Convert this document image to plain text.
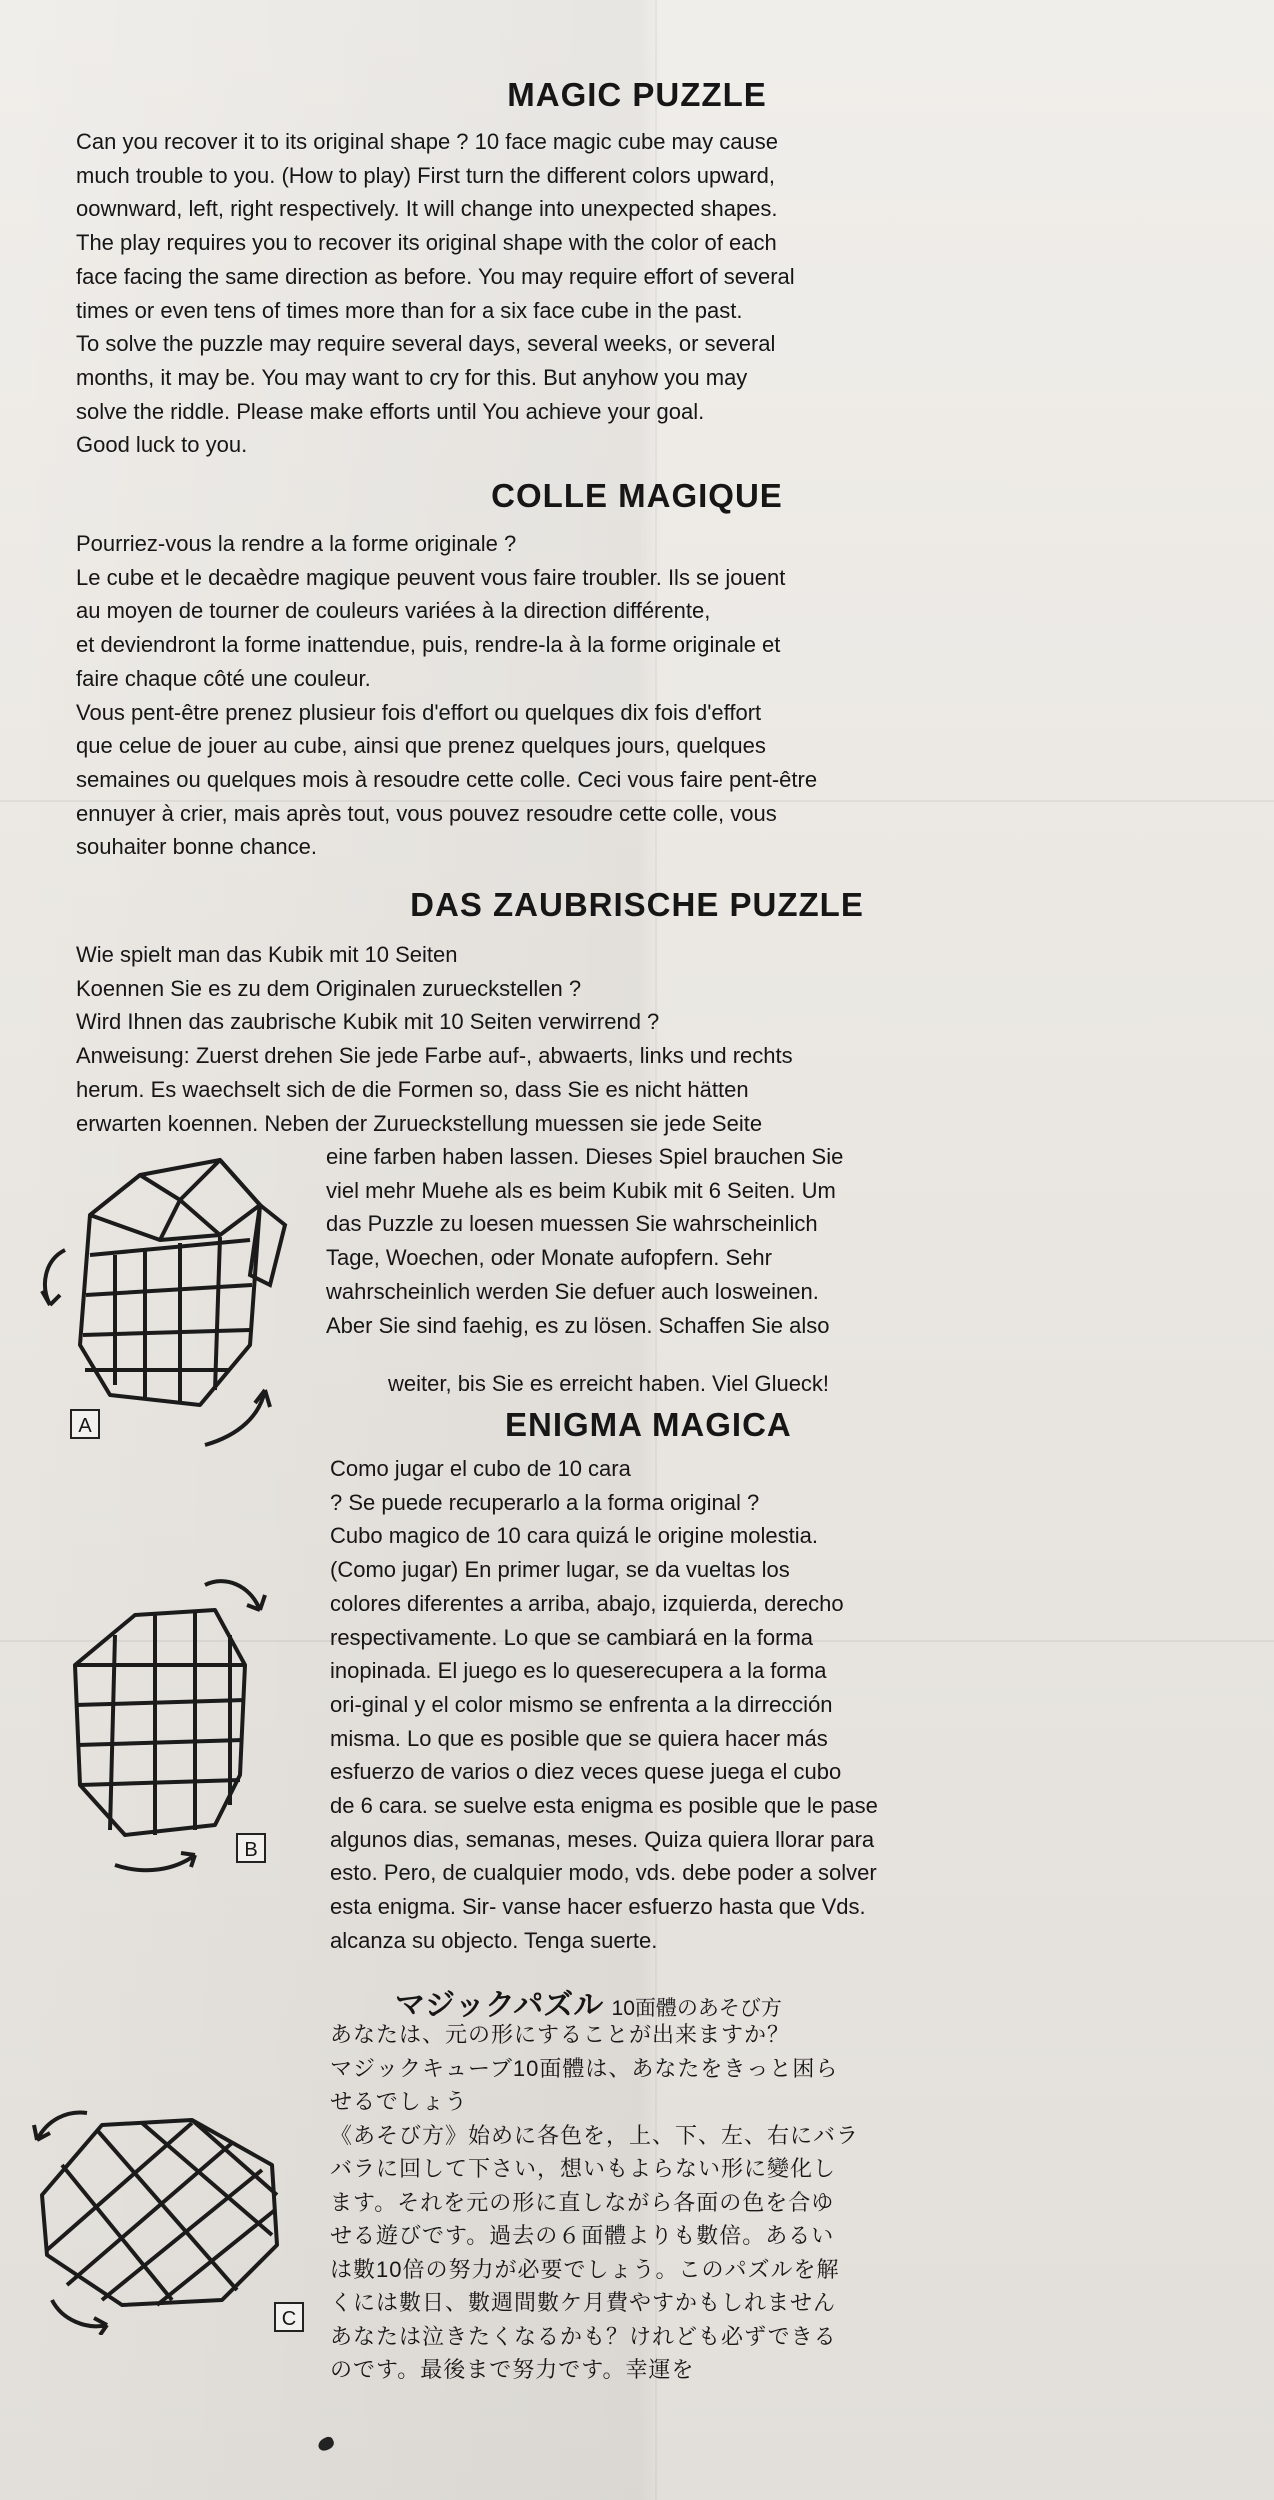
MAGIC PUZZLE
Can you recover it to its original shape ? 10 face magic cube may cause
much trouble to you. (How to play) First turn the different colors upward,
oownward, left, right respectively. It will change into unexpected shapes.
The play requires you to recover its original shape with the color of each
face facing the same direction as before. You may require effort of several
times or even tens of times more than for a six face cube in the past.
To solve the puzzle may require several days, several weeks, or several
months, it may be. You may want to cry for this. But anyhow you may
solve the riddle. Please make efforts until You achieve your goal.
Good luck to you.
COLLE MAGIQUE
Pourriez-vous la rendre a la forme originale ?
Le cube et le decaèdre magique peuvent vous faire troubler. Ils se jouent
au moyen de tourner de couleurs variées à la direction différente,
et deviendront la forme inattendue, puis, rendre-la à la forme originale et
faire chaque côté une couleur.
Vous pent-être prenez plusieur fois d'effort ou quelques dix fois d'effort
que celue de jouer au cube, ainsi que prenez quelques jours, quelques
semaines ou quelques mois à resoudre cette colle. Ceci vous faire pent-être
ennuyer à crier, mais après tout, vous pouvez resoudre cette colle, vous
souhaiter bonne chance.
DAS ZAUBRISCHE PUZZLE
Wie spielt man das Kubik mit 10 Seiten
Koennen Sie es zu dem Originalen zurueckstellen ?
Wird Ihnen das zaubrische Kubik mit 10 Seiten verwirrend ?
Anweisung: Zuerst drehen Sie jede Farbe auf-, abwaerts, links und rechts
herum. Es waechselt sich de die Formen so, dass Sie es nicht hätten
erwarten koennen. Neben der Zurueckstellung muessen sie jede Seite
eine farben haben lassen. Dieses Spiel brauchen Sie
viel mehr Muehe als es beim Kubik mit 6 Seiten. Um
das Puzzle zu loesen muessen Sie wahrscheinlich
Tage, Woechen, oder Monate aufopfern. Sehr
wahrscheinlich werden Sie defuer auch losweinen.
Aber Sie sind faehig, es zu lösen. Schaffen Sie also
weiter, bis Sie es erreicht haben. Viel Glueck!
ENIGMA MAGICA
Como jugar el cubo de 10 cara
? Se puede recuperarlo a la forma original ?
Cubo magico de 10 cara quizá le origine molestia.
(Como jugar) En primer lugar, se da vueltas los
colores diferentes a arriba, abajo, izquierda, derecho
respectivamente. Lo que se cambiará en la forma
inopinada. El juego es lo queserecupera a la forma
ori-ginal y el color mismo se enfrenta a la dirrección
misma. Lo que es posible que se quiera hacer más
esfuerzo de varios o diez veces quese juega el cubo
de 6 cara. se suelve esta enigma es posible que le pase
algunos dias, semanas, meses. Quiza quiera llorar para
esto. Pero, de cualquier modo, vds. debe poder a solver
esta enigma. Sir- vanse hacer esfuerzo hasta que Vds.
alcanza su objecto. Tenga suerte.
マジックパズル 10面體のあそび方
あなたは、元の形にすることが出来ますか？
マジックキューブ10面體は、あなたをきっと困ら
せるでしょう
《あそび方》始めに各色を，上、下、左、右にバラ
バラに回して下さい，想いもよらない形に變化し
ます。それを元の形に直しながら各面の色を合ゆ
せる遊びです。過去の６面體よりも數倍。あるい
は數10倍の努力が必要でしょう。このパズルを解
くには數日、數週間數ケ月費やすかもしれません
あなたは泣きたくなるかも？けれども必ずできる
のです。最後まで努力です。幸運を
A
B
C
